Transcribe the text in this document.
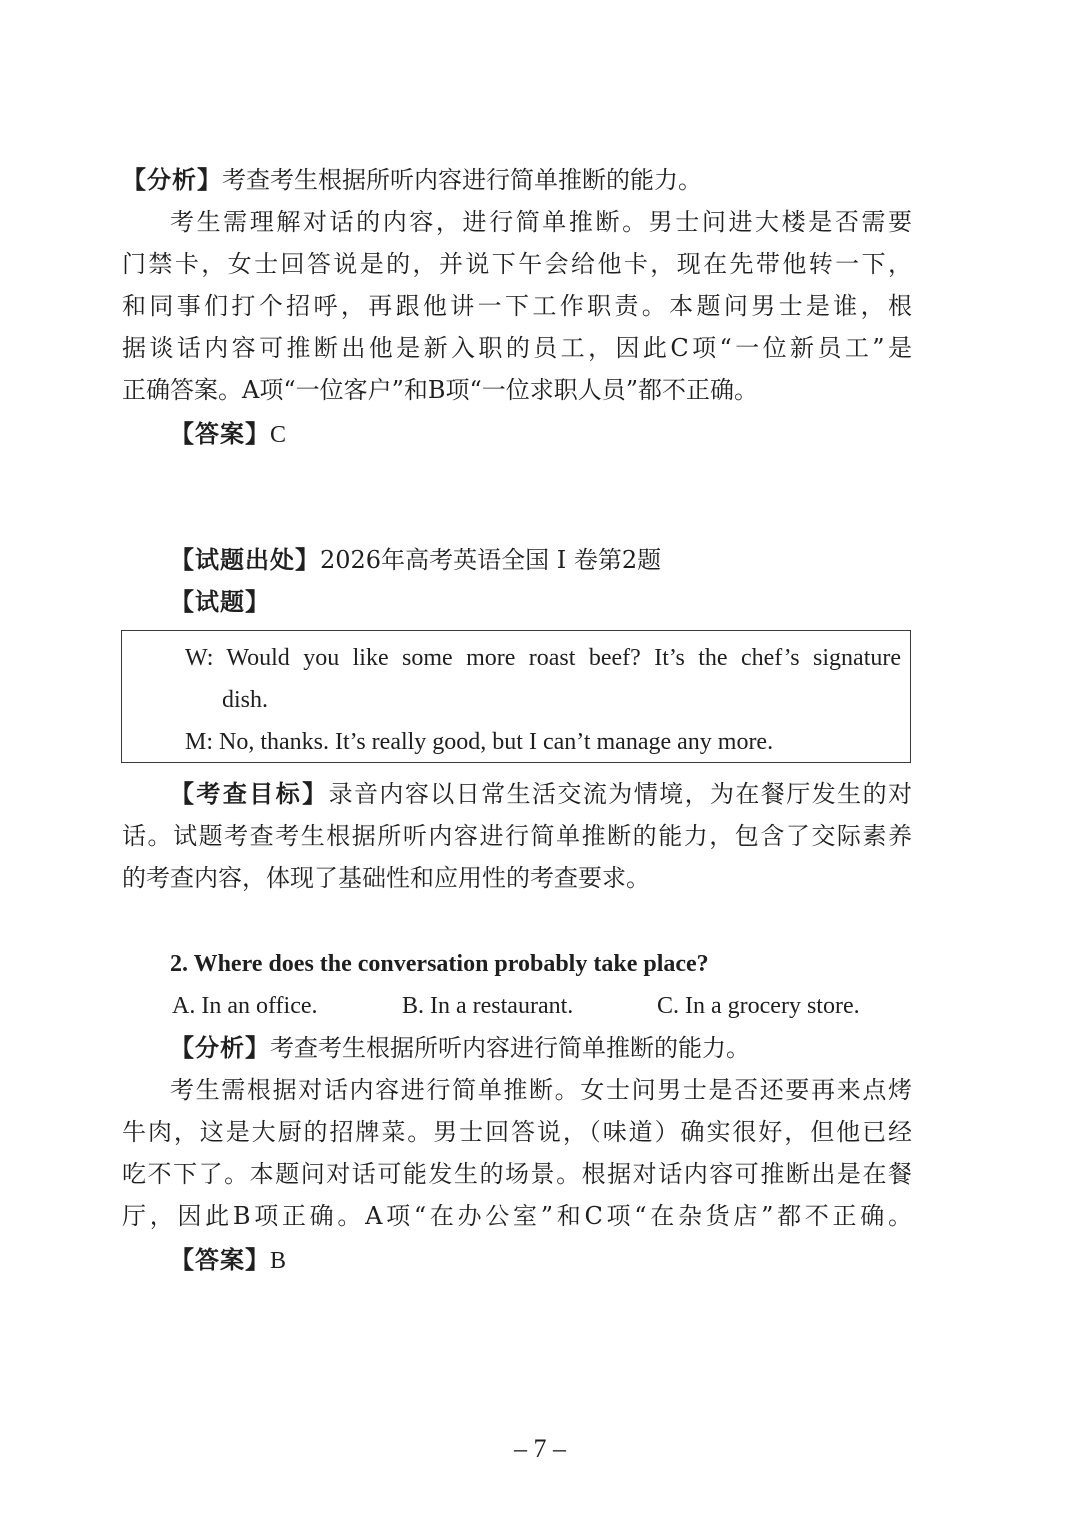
【分析】考查考生根据所听内容进行简单推断的能力。
考生需理解对话的内容，进行简单推断。男士问进大楼是否需要
门禁卡，女士回答说是的，并说下午会给他卡，现在先带他转一下，
和同事们打个招呼，再跟他讲一下工作职责。本题问男士是谁，根
据谈话内容可推断出他是新入职的员工，因此C项“一位新员工”是
正确答案。A项“一位客户”和B项“一位求职人员”都不正确。
【答案】C
【试题出处】2026年高考英语全国 I 卷第2题
【试题】
W: Would you like some more roast beef? It’s the chef’s signature
dish.
M: No, thanks. It’s really good, but I can’t manage any more.
【考查目标】录音内容以日常生活交流为情境，为在餐厅发生的对
话。试题考查考生根据所听内容进行简单推断的能力，包含了交际素养
的考查内容，体现了基础性和应用性的考查要求。
2. Where does the conversation probably take place?
A. In an office.	B. In a restaurant.	C. In a grocery store.
【分析】考查考生根据所听内容进行简单推断的能力。
考生需根据对话内容进行简单推断。女士问男士是否还要再来点烤
牛肉，这是大厨的招牌菜。男士回答说，（味道）确实很好，但他已经
吃不下了。本题问对话可能发生的场景。根据对话内容可推断出是在餐
厅，因此B项正确。A项“在办公室”和C项“在杂货店”都不正确。
【答案】B
– 7 –
